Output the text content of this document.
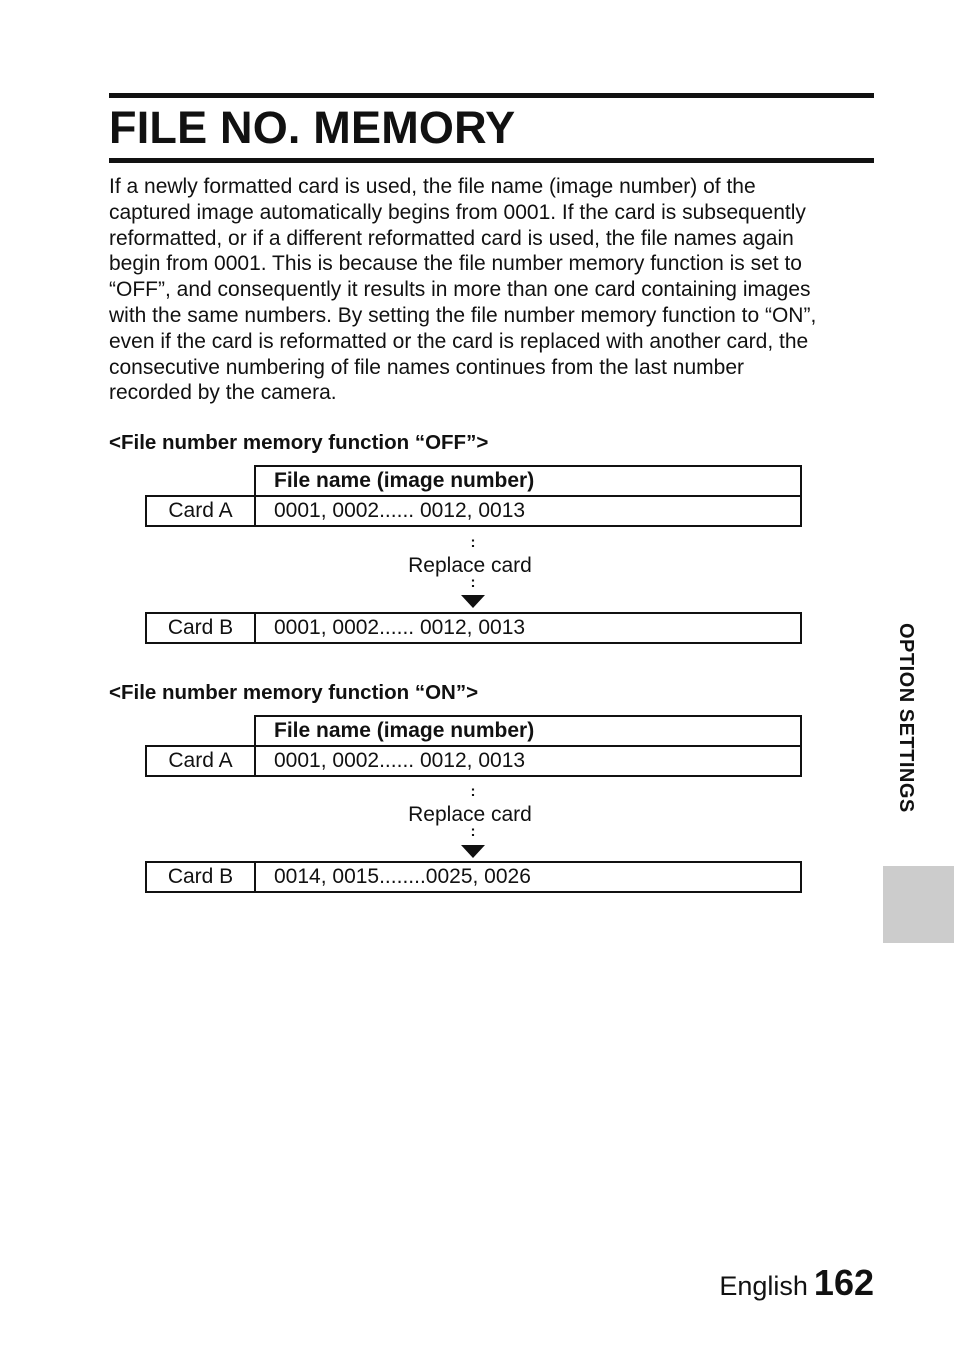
FILE NO. MEMORY

If a newly formatted card is used, the file name (image number) of the
captured image automatically begins from 0001. If the card is subsequently
reformatted, or if a different reformatted card is used, the file names again
begin from 0001. This is because the file number memory function is set to
“OFF”, and consequently it results in more than one card containing images
with the same numbers. By setting the file number memory function to “ON”,
even if the card is reformatted or the card is replaced with another card, the
consecutive numbering of file names continues from the last number
recorded by the camera.

<File number memory function “OFF”>

	File name (image number)
Card A	0001, 0002...... 0012, 0013
:
Replace card
:
Card B	0001, 0002...... 0012, 0013

<File number memory function “ON”>

	File name (image number)
Card A	0001, 0002...... 0012, 0013
:
Replace card
:
Card B	0014, 0015........0025, 0026
OPTION SETTINGS
English 162
